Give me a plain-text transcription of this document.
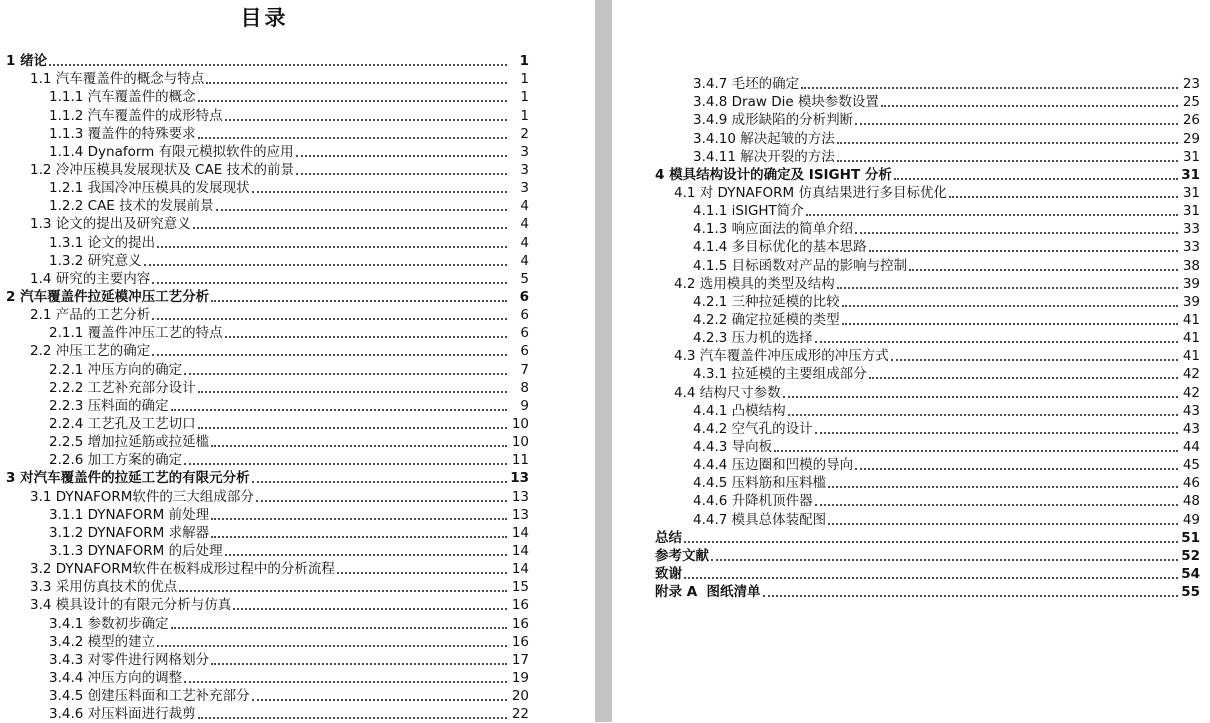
目录
1 绪论	1
1.1 汽车覆盖件的概念与特点	1
1.1.1 汽车覆盖件的概念	1
1.1.2 汽车覆盖件的成形特点	1
1.1.3 覆盖件的特殊要求	2
1.1.4 Dynaform 有限元模拟软件的应用	3
1.2 冷冲压模具发展现状及 CAE 技术的前景	3
1.2.1 我国冷冲压模具的发展现状	3
1.2.2 CAE 技术的发展前景	4
1.3 论文的提出及研究意义	4
1.3.1 论文的提出	4
1.3.2 研究意义	4
1.4 研究的主要内容	5
2 汽车覆盖件拉延模冲压工艺分析	6
2.1 产品的工艺分析	6
2.1.1 覆盖件冲压工艺的特点	6
2.2 冲压工艺的确定	6
2.2.1 冲压方向的确定	7
2.2.2 工艺补充部分设计	8
2.2.3 压料面的确定	9
2.2.4 工艺孔及工艺切口	10
2.2.5 增加拉延筋或拉延槛	10
2.2.6 加工方案的确定	11
3 对汽车覆盖件的拉延工艺的有限元分析	13
3.1 DYNAFORM软件的三大组成部分	13
3.1.1 DYNAFORM 前处理	13
3.1.2 DYNAFORM 求解器	14
3.1.3 DYNAFORM 的后处理	14
3.2 DYNAFORM软件在板料成形过程中的分析流程	14
3.3 采用仿真技术的优点	15
3.4 模具设计的有限元分析与仿真	16
3.4.1 参数初步确定	16
3.4.2 模型的建立	16
3.4.3 对零件进行网格划分	17
3.4.4 冲压方向的调整	19
3.4.5 创建压料面和工艺补充部分	20
3.4.6 对压料面进行裁剪	22
3.4.7 毛坯的确定	23
3.4.8 Draw Die 模块参数设置	25
3.4.9 成形缺陷的分析判断	26
3.4.10 解决起皱的方法	29
3.4.11 解决开裂的方法	31
4 模具结构设计的确定及 ISIGHT 分析	31
4.1 对 DYNAFORM 仿真结果进行多目标优化	31
4.1.1 iSIGHT简介	31
4.1.3 响应面法的简单介绍	33
4.1.4 多目标优化的基本思路	33
4.1.5 目标函数对产品的影响与控制	38
4.2 选用模具的类型及结构	39
4.2.1 三种拉延模的比较	39
4.2.2 确定拉延模的类型	41
4.2.3 压力机的选择	41
4.3 汽车覆盖件冲压成形的冲压方式	41
4.3.1 拉延模的主要组成部分	42
4.4 结构尺寸参数	42
4.4.1 凸模结构	43
4.4.2 空气孔的设计	43
4.4.3 导向板	44
4.4.4 压边圈和凹模的导向	45
4.4.5 压料筋和压料槛	46
4.4.6 升降机顶件器	48
4.4.7 模具总体装配图	49
总结	51
参考文献	52
致谢	54
附录 A  图纸清单	55
